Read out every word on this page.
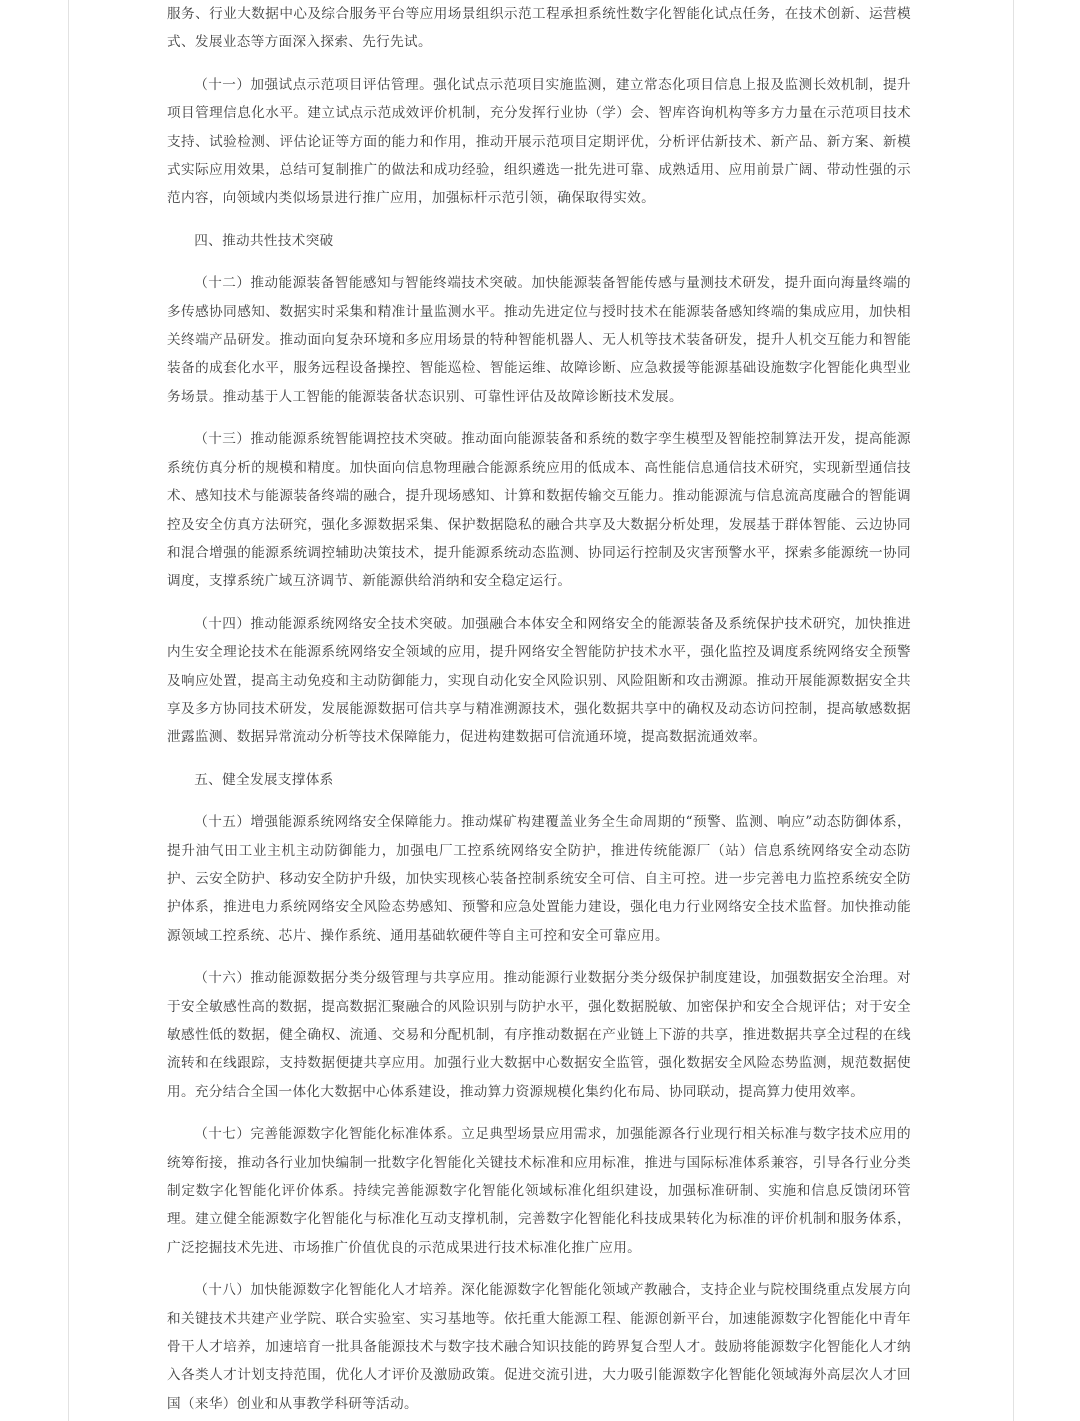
服务、行业大数据中心及综合服务平台等应用场景组织示范工程承担系统性数字化智能化试点任务，在技术创新、运营模式、发展业态等方面深入探索、先行先试。

（十一）加强试点示范项目评估管理。强化试点示范项目实施监测，建立常态化项目信息上报及监测长效机制，提升项目管理信息化水平。建立试点示范成效评价机制，充分发挥行业协（学）会、智库咨询机构等多方力量在示范项目技术支持、试验检测、评估论证等方面的能力和作用，推动开展示范项目定期评优，分析评估新技术、新产品、新方案、新模式实际应用效果，总结可复制推广的做法和成功经验，组织遴选一批先进可靠、成熟适用、应用前景广阔、带动性强的示范内容，向领域内类似场景进行推广应用，加强标杆示范引领，确保取得实效。

四、推动共性技术突破

（十二）推动能源装备智能感知与智能终端技术突破。加快能源装备智能传感与量测技术研发，提升面向海量终端的多传感协同感知、数据实时采集和精准计量监测水平。推动先进定位与授时技术在能源装备感知终端的集成应用，加快相关终端产品研发。推动面向复杂环境和多应用场景的特种智能机器人、无人机等技术装备研发，提升人机交互能力和智能装备的成套化水平，服务远程设备操控、智能巡检、智能运维、故障诊断、应急救援等能源基础设施数字化智能化典型业务场景。推动基于人工智能的能源装备状态识别、可靠性评估及故障诊断技术发展。

（十三）推动能源系统智能调控技术突破。推动面向能源装备和系统的数字孪生模型及智能控制算法开发，提高能源系统仿真分析的规模和精度。加快面向信息物理融合能源系统应用的低成本、高性能信息通信技术研究，实现新型通信技术、感知技术与能源装备终端的融合，提升现场感知、计算和数据传输交互能力。推动能源流与信息流高度融合的智能调控及安全仿真方法研究，强化多源数据采集、保护数据隐私的融合共享及大数据分析处理，发展基于群体智能、云边协同和混合增强的能源系统调控辅助决策技术，提升能源系统动态监测、协同运行控制及灾害预警水平，探索多能源统一协同调度，支撑系统广域互济调节、新能源供给消纳和安全稳定运行。

（十四）推动能源系统网络安全技术突破。加强融合本体安全和网络安全的能源装备及系统保护技术研究，加快推进内生安全理论技术在能源系统网络安全领域的应用，提升网络安全智能防护技术水平，强化监控及调度系统网络安全预警及响应处置，提高主动免疫和主动防御能力，实现自动化安全风险识别、风险阻断和攻击溯源。推动开展能源数据安全共享及多方协同技术研发，发展能源数据可信共享与精准溯源技术，强化数据共享中的确权及动态访问控制，提高敏感数据泄露监测、数据异常流动分析等技术保障能力，促进构建数据可信流通环境，提高数据流通效率。

五、健全发展支撑体系

（十五）增强能源系统网络安全保障能力。推动煤矿构建覆盖业务全生命周期的“预警、监测、响应”动态防御体系，提升油气田工业主机主动防御能力，加强电厂工控系统网络安全防护，推进传统能源厂（站）信息系统网络安全动态防护、云安全防护、移动安全防护升级，加快实现核心装备控制系统安全可信、自主可控。进一步完善电力监控系统安全防护体系，推进电力系统网络安全风险态势感知、预警和应急处置能力建设，强化电力行业网络安全技术监督。加快推动能源领域工控系统、芯片、操作系统、通用基础软硬件等自主可控和安全可靠应用。

（十六）推动能源数据分类分级管理与共享应用。推动能源行业数据分类分级保护制度建设，加强数据安全治理。对于安全敏感性高的数据，提高数据汇聚融合的风险识别与防护水平，强化数据脱敏、加密保护和安全合规评估；对于安全敏感性低的数据，健全确权、流通、交易和分配机制，有序推动数据在产业链上下游的共享，推进数据共享全过程的在线流转和在线跟踪，支持数据便捷共享应用。加强行业大数据中心数据安全监管，强化数据安全风险态势监测，规范数据使用。充分结合全国一体化大数据中心体系建设，推动算力资源规模化集约化布局、协同联动，提高算力使用效率。

（十七）完善能源数字化智能化标准体系。立足典型场景应用需求，加强能源各行业现行相关标准与数字技术应用的统筹衔接，推动各行业加快编制一批数字化智能化关键技术标准和应用标准，推进与国际标准体系兼容，引导各行业分类制定数字化智能化评价体系。持续完善能源数字化智能化领域标准化组织建设，加强标准研制、实施和信息反馈闭环管理。建立健全能源数字化智能化与标准化互动支撑机制，完善数字化智能化科技成果转化为标准的评价机制和服务体系，广泛挖掘技术先进、市场推广价值优良的示范成果进行技术标准化推广应用。

（十八）加快能源数字化智能化人才培养。深化能源数字化智能化领域产教融合，支持企业与院校围绕重点发展方向和关键技术共建产业学院、联合实验室、实习基地等。依托重大能源工程、能源创新平台，加速能源数字化智能化中青年骨干人才培养，加速培育一批具备能源技术与数字技术融合知识技能的跨界复合型人才。鼓励将能源数字化智能化人才纳入各类人才计划支持范围，优化人才评价及激励政策。促进交流引进，大力吸引能源数字化智能化领域海外高层次人才回国（来华）创业和从事教学科研等活动。
